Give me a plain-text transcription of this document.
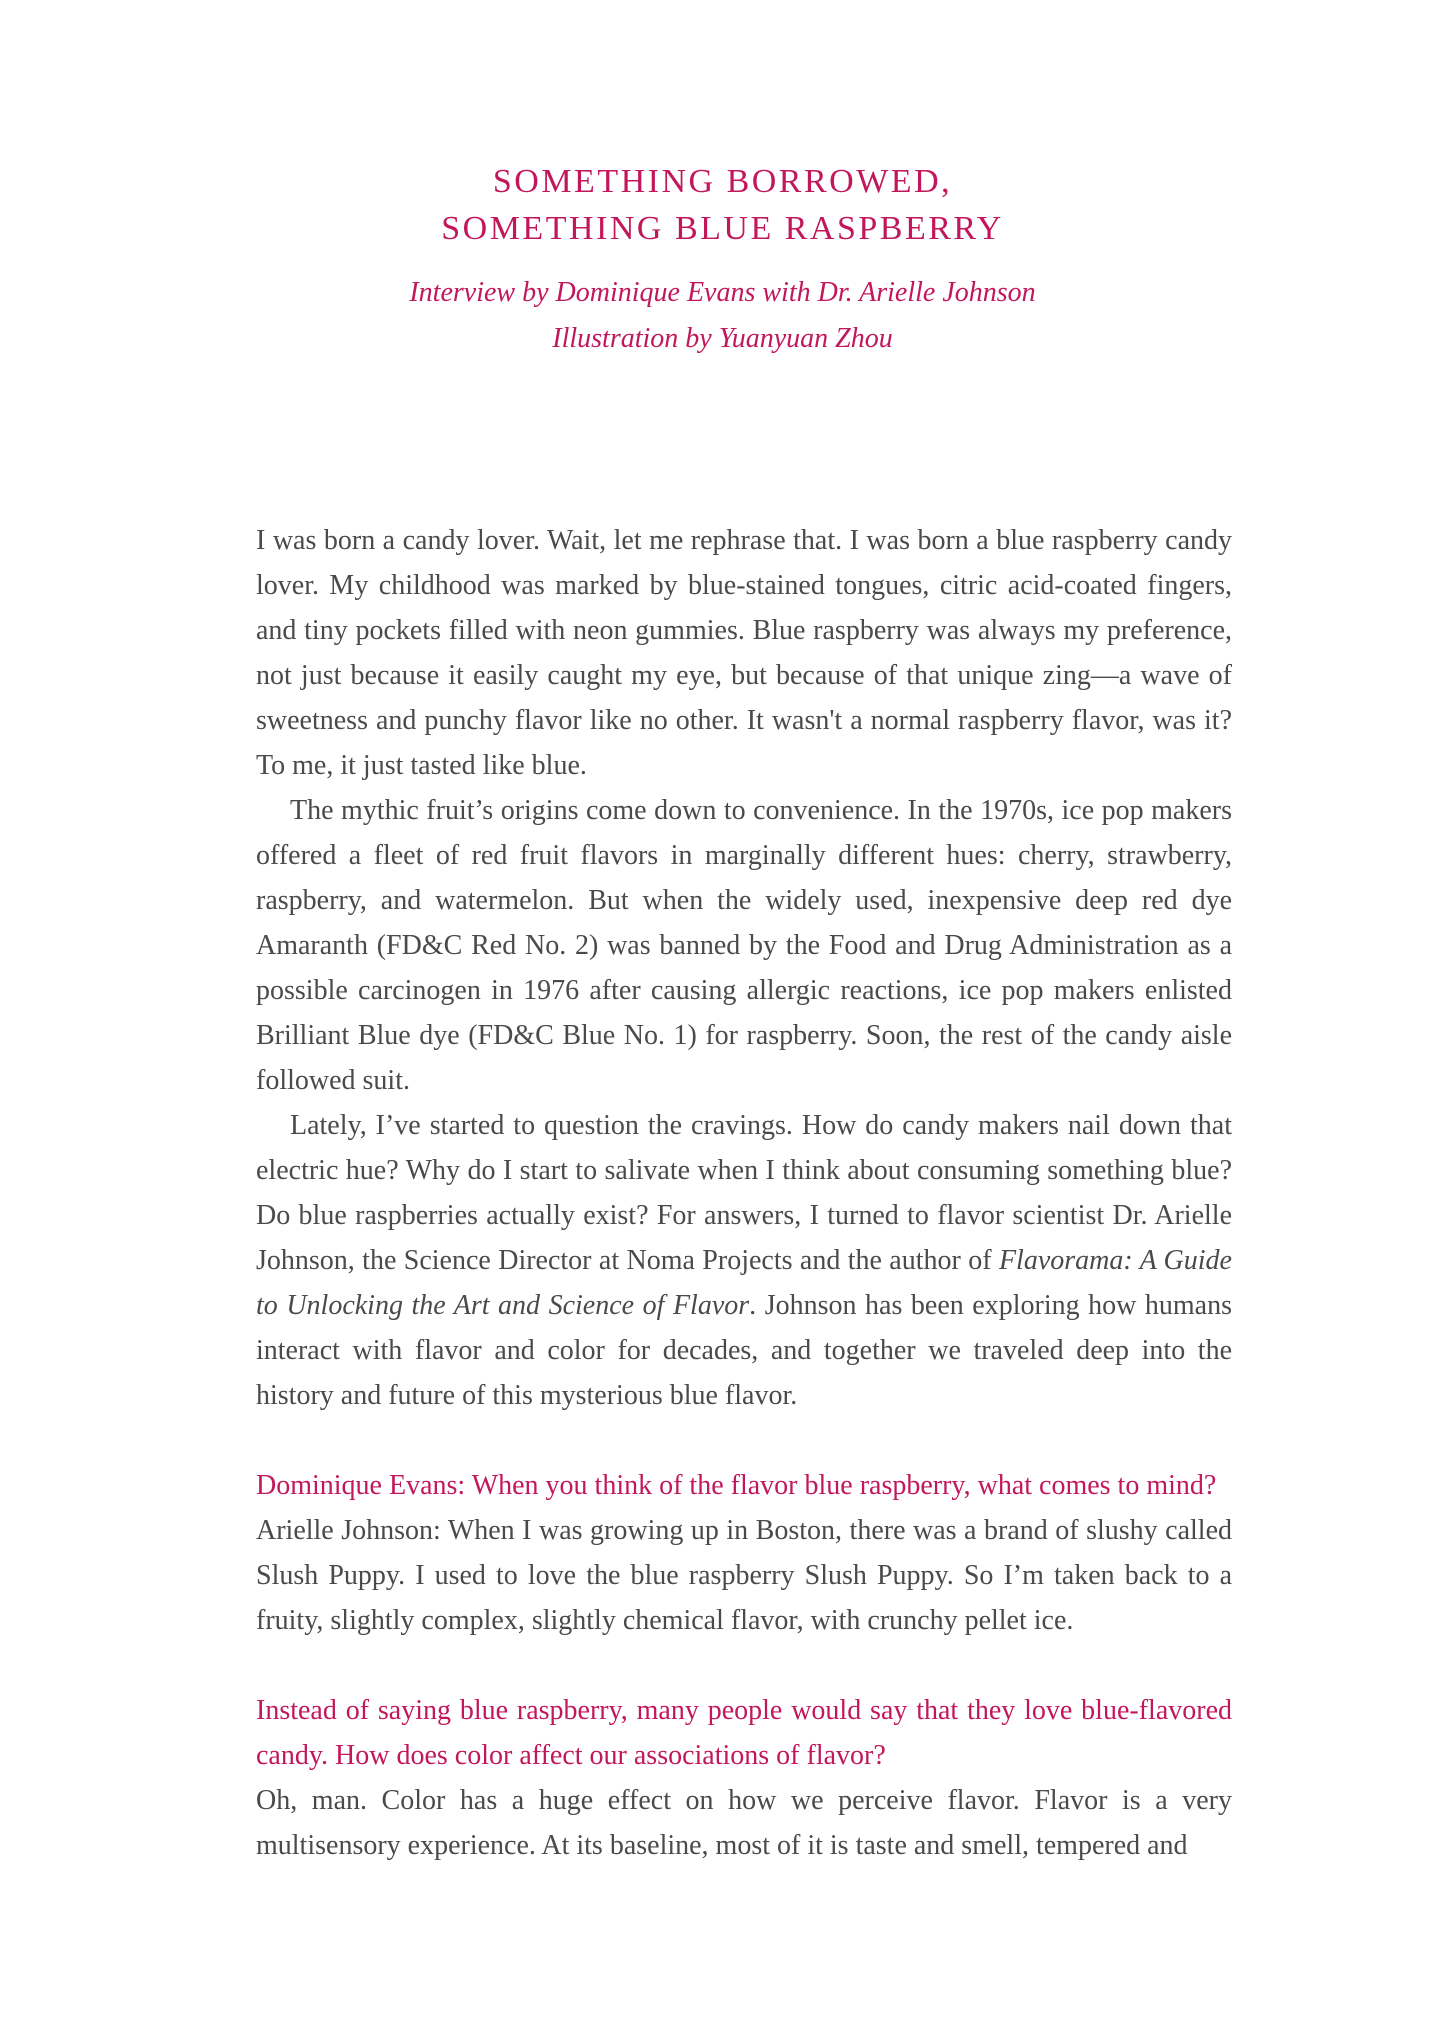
SOMETHING BORROWED,

SOMETHING BLUE RASPBERRY

Interview by Dominique Evans with Dr. Arielle Johnson

Illustration by Yuanyuan Zhou

I was born a candy lover. Wait, let me rephrase that. I was born a blue raspberry candy lover. My childhood was marked by blue-stained tongues, citric acid-coated fingers, and tiny pockets filled with neon gummies. Blue raspberry was always my preference, not just because it easily caught my eye, but because of that unique zing—a wave of sweetness and punchy flavor like no other. It wasn't a normal raspberry flavor, was it? To me, it just tasted like blue.

The mythic fruit’s origins come down to convenience. In the 1970s, ice pop makers offered a fleet of red fruit flavors in marginally different hues: cherry, strawberry, raspberry, and watermelon. But when the widely used, inexpensive deep red dye Amaranth (FD&C Red No. 2) was banned by the Food and Drug Administration as a possible carcinogen in 1976 after causing allergic reactions, ice pop makers enlisted Brilliant Blue dye (FD&C Blue No. 1) for raspberry. Soon, the rest of the candy aisle followed suit.

Lately, I’ve started to question the cravings. How do candy makers nail down that electric hue? Why do I start to salivate when I think about consuming something blue? Do blue raspberries actually exist? For answers, I turned to flavor scientist Dr. Arielle Johnson, the Science Director at Noma Projects and the author of Flavorama: A Guide to Unlocking the Art and Science of Flavor. Johnson has been exploring how humans interact with flavor and color for decades, and together we traveled deep into the history and future of this mysterious blue flavor.

Dominique Evans: When you think of the flavor blue raspberry, what comes to mind?

Arielle Johnson: When I was growing up in Boston, there was a brand of slushy called Slush Puppy. I used to love the blue raspberry Slush Puppy. So I’m taken back to a fruity, slightly complex, slightly chemical flavor, with crunchy pellet ice.

Instead of saying blue raspberry, many people would say that they love blue-flavored candy. How does color affect our associations of flavor?

Oh, man. Color has a huge effect on how we perceive flavor. Flavor is a very multisensory experience. At its baseline, most of it is taste and smell, tempered and
